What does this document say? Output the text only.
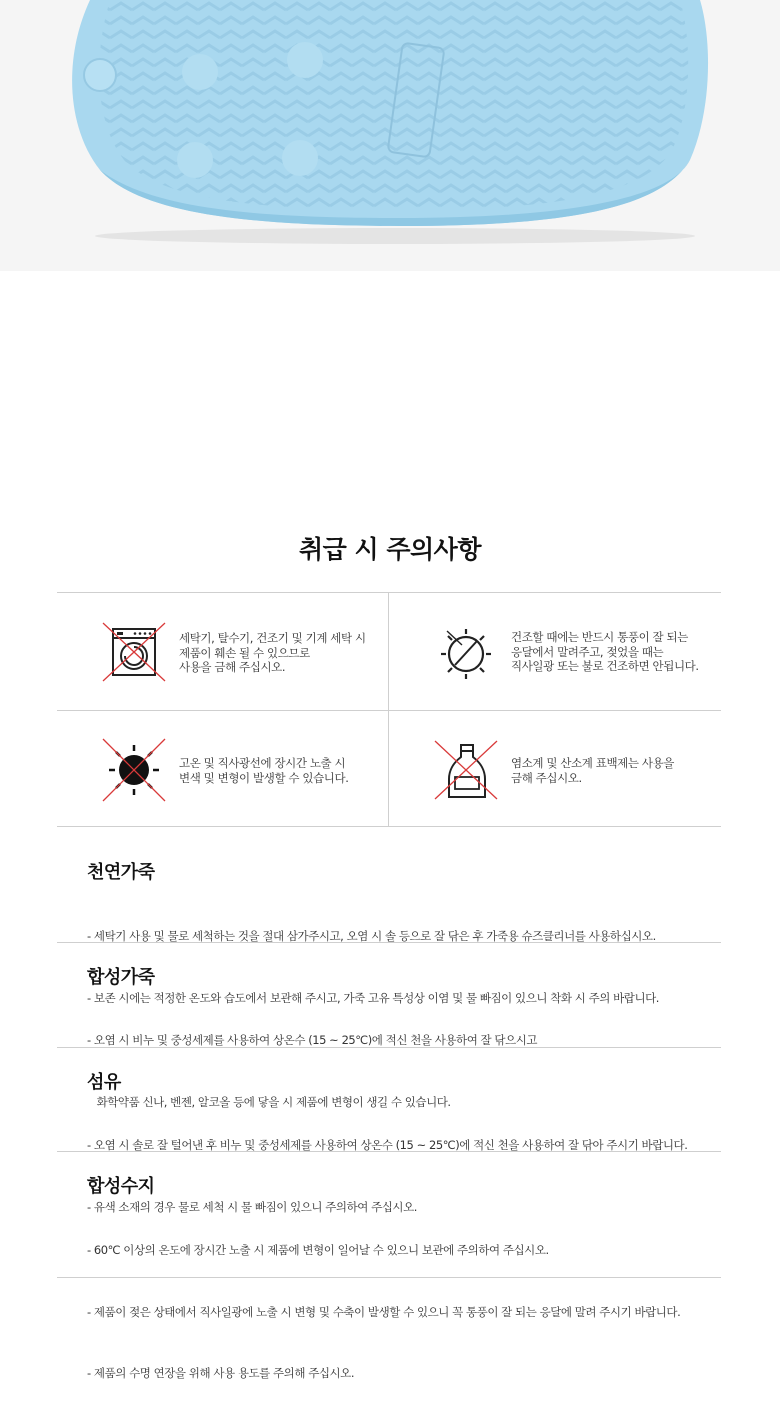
취급 시 주의사항
세탁기, 탈수기, 건조기 및 기계 세탁 시
제품이 훼손 될 수 있으므로
사용을 금해 주십시오.
건조할 때에는 반드시 통풍이 잘 되는
응달에서 말려주고, 젖었을 때는
직사일광 또는 불로 건조하면 안됩니다.
고온 및 직사광선에 장시간 노출 시
변색 및 변형이 발생할 수 있습니다.
염소계 및 산소계 표백제는 사용을
금해 주십시오.
천연가죽

- 세탁기 사용 및 물로 세척하는 것을 절대 삼가주시고, 오염 시 솔 등으로 잘 닦은 후 가죽용 슈즈클리너를 사용하십시오.

- 보존 시에는 적정한 온도와 습도에서 보관해 주시고, 가죽 고유 특성상 이염 및 물 빠짐이 있으니 착화 시 주의 바랍니다.

합성가죽

- 오염 시 비누 및 중성세제를 사용하여 상온수 (15 ~ 25℃)에 적신 천을 사용하여 잘 닦으시고

화학약품 신나, 벤젠, 알코올 등에 닿을 시 제품에 변형이 생길 수 있습니다.

섬유

- 오염 시 솔로 잘 털어낸 후 비누 및 중성세제를 사용하여 상온수 (15 ~ 25℃)에 적신 천을 사용하여 잘 닦아 주시기 바랍니다.

- 유색 소재의 경우 물로 세척 시 물 빠짐이 있으니 주의하여 주십시오.

합성수지

- 60℃ 이상의 온도에 장시간 노출 시 제품에 변형이 일어날 수 있으니 보관에 주의하여 주십시오.

- 제품이 젖은 상태에서 직사일광에 노출 시 변형 및 수축이 발생할 수 있으니 꼭 통풍이 잘 되는 응달에 말려 주시기 바랍니다.

- 제품의 수명 연장을 위해 사용 용도를 주의해 주십시오.
